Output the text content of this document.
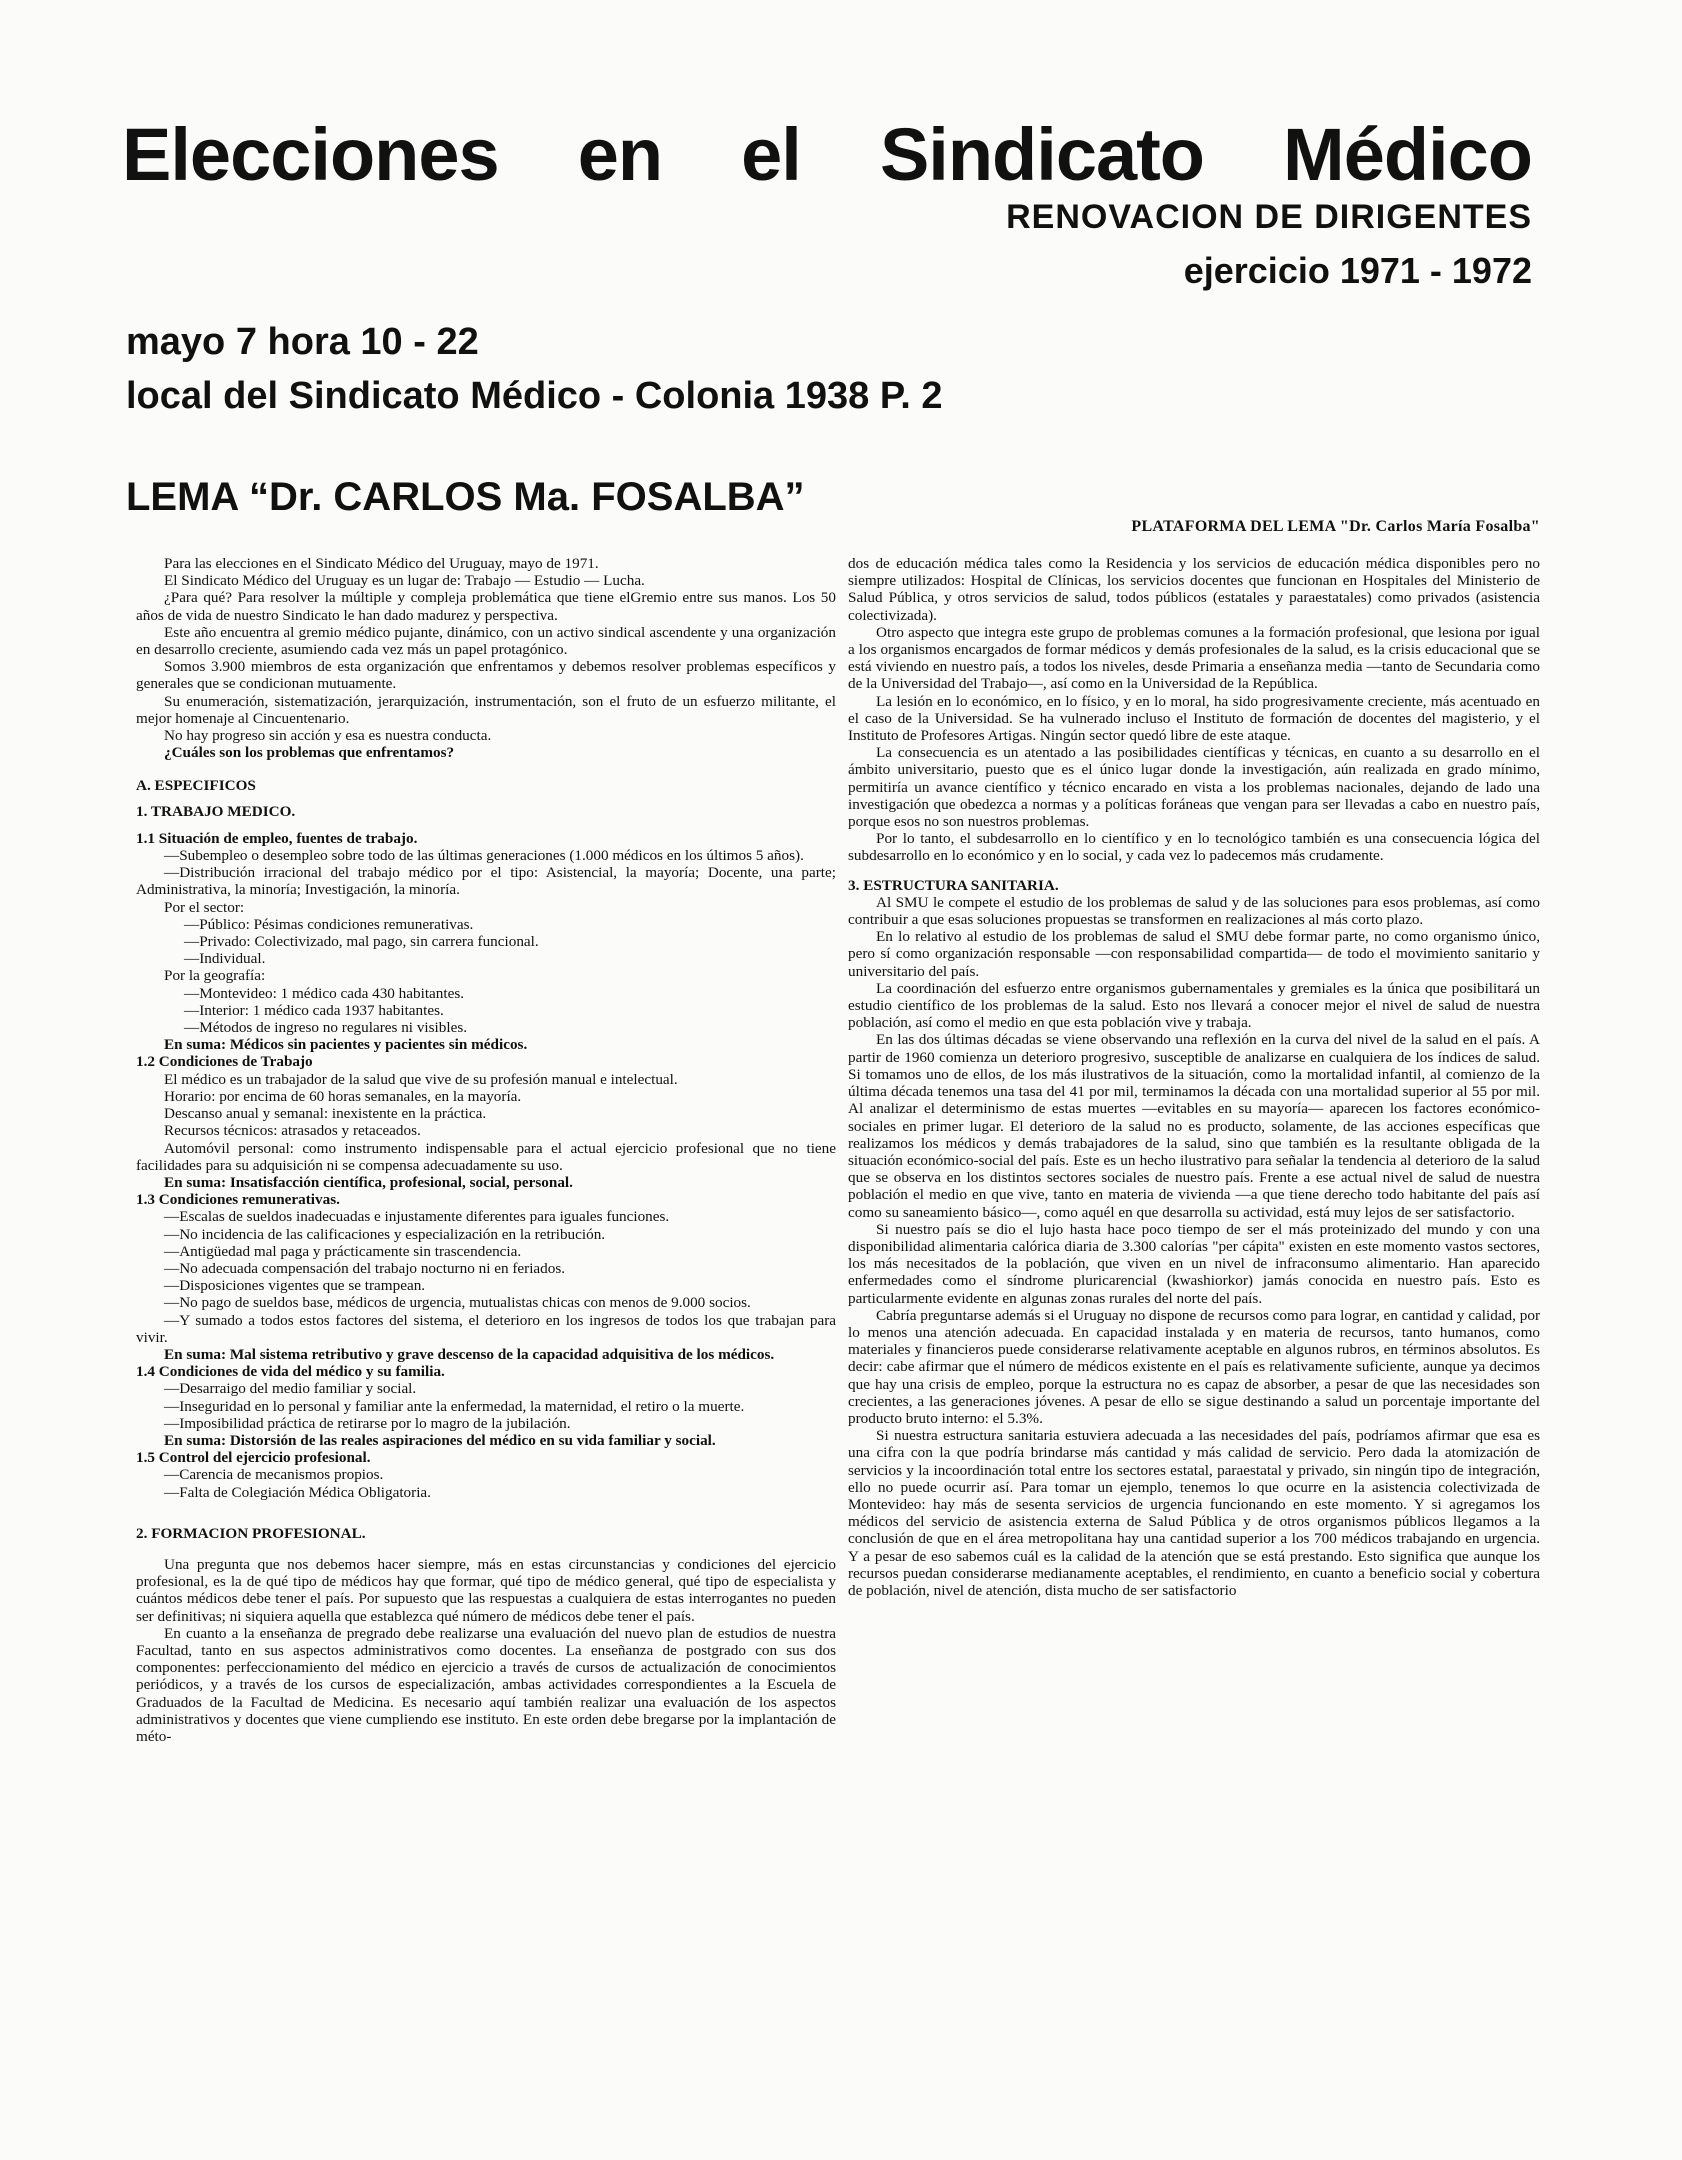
Elecciones en el Sindicato Médico
RENOVACION DE DIRIGENTES
ejercicio 1971 - 1972
mayo 7 hora 10 - 22
local del Sindicato Médico - Colonia 1938 P. 2
LEMA “Dr. CARLOS Ma. FOSALBA”
PLATAFORMA DEL LEMA "Dr. Carlos María Fosalba"

Para las elecciones en el Sindicato Médico del Uruguay, mayo de 1971.

El Sindicato Médico del Uruguay es un lugar de: Trabajo — Estudio — Lucha.

¿Para qué? Para resolver la múltiple y compleja problemática que tiene elGremio entre sus manos. Los 50 años de vida de nuestro Sindicato le han dado madurez y perspectiva.

Este año encuentra al gremio médico pujante, dinámico, con un activo sindical ascendente y una organización en desarrollo creciente, asumiendo cada vez más un papel protagónico.

Somos 3.900 miembros de esta organización que enfrentamos y debemos resolver problemas específicos y generales que se condicionan mutuamente.

Su enumeración, sistematización, jerarquización, instrumentación, son el fruto de un esfuerzo militante, el mejor homenaje al Cincuentenario.

No hay progreso sin acción y esa es nuestra conducta.

¿Cuáles son los problemas que enfrentamos?

A. ESPECIFICOS

1. TRABAJO MEDICO.

1.1 Situación de empleo, fuentes de trabajo.

—Subempleo o desempleo sobre todo de las últimas generaciones (1.000 médicos en los últimos 5 años).

—Distribución irracional del trabajo médico por el tipo: Asistencial, la mayoría; Docente, una parte; Administrativa, la minoría; Investigación, la minoría.

Por el sector:

—Público: Pésimas condiciones remunerativas.

—Privado: Colectivizado, mal pago, sin carrera funcional.

—Individual.

Por la geografía:

—Montevideo: 1 médico cada 430 habitantes.

—Interior: 1 médico cada 1937 habitantes.

—Métodos de ingreso no regulares ni visibles.

En suma: Médicos sin pacientes y pacientes sin médicos.

1.2 Condiciones de Trabajo

El médico es un trabajador de la salud que vive de su profesión manual e intelectual.

Horario: por encima de 60 horas semanales, en la mayoría.

Descanso anual y semanal: inexistente en la práctica.

Recursos técnicos: atrasados y retaceados.

Automóvil personal: como instrumento indispensable para el actual ejercicio profesional que no tiene facilidades para su adquisición ni se compensa adecuadamente su uso.

En suma: Insatisfacción científica, profesional, social, personal.

1.3 Condiciones remunerativas.

—Escalas de sueldos inadecuadas e injustamente diferentes para iguales funciones.

—No incidencia de las calificaciones y especialización en la retribución.

—Antigüedad mal paga y prácticamente sin trascendencia.

—No adecuada compensación del trabajo nocturno ni en feriados.

—Disposiciones vigentes que se trampean.

—No pago de sueldos base, médicos de urgencia, mutualistas chicas con menos de 9.000 socios.

—Y sumado a todos estos factores del sistema, el deterioro en los ingresos de todos los que trabajan para vivir.

En suma: Mal sistema retributivo y grave descenso de la capacidad adquisitiva de los médicos.

1.4 Condiciones de vida del médico y su familia.

—Desarraigo del medio familiar y social.

—Inseguridad en lo personal y familiar ante la enfermedad, la maternidad, el retiro o la muerte.

—Imposibilidad práctica de retirarse por lo magro de la jubilación.

En suma: Distorsión de las reales aspiraciones del médico en su vida familiar y social.

1.5 Control del ejercicio profesional.

—Carencia de mecanismos propios.

—Falta de Colegiación Médica Obligatoria.

2. FORMACION PROFESIONAL.

Una pregunta que nos debemos hacer siempre, más en estas circunstancias y condiciones del ejercicio profesional, es la de qué tipo de médicos hay que formar, qué tipo de médico general, qué tipo de especialista y cuántos médicos debe tener el país. Por supuesto que las respuestas a cualquiera de estas interrogantes no pueden ser definitivas; ni siquiera aquella que establezca qué número de médicos debe tener el país.

En cuanto a la enseñanza de pregrado debe realizarse una evaluación del nuevo plan de estudios de nuestra Facultad, tanto en sus aspectos administrativos como docentes. La enseñanza de postgrado con sus dos componentes: perfeccionamiento del médico en ejercicio a través de cursos de actualización de conocimientos periódicos, y a través de los cursos de especialización, ambas actividades correspondientes a la Escuela de Graduados de la Facultad de Medicina. Es necesario aquí también realizar una evaluación de los aspectos administrativos y docentes que viene cumpliendo ese instituto. En este orden debe bregarse por la implantación de méto-

dos de educación médica tales como la Residencia y los servicios de educación médica disponibles pero no siempre utilizados: Hospital de Clínicas, los servicios docentes que funcionan en Hospitales del Ministerio de Salud Pública, y otros servicios de salud, todos públicos (estatales y paraestatales) como privados (asistencia colectivizada).

Otro aspecto que integra este grupo de problemas comunes a la formación profesional, que lesiona por igual a los organismos encargados de formar médicos y demás profesionales de la salud, es la crisis educacional que se está viviendo en nuestro país, a todos los niveles, desde Primaria a enseñanza media —tanto de Secundaria como de la Universidad del Trabajo—, así como en la Universidad de la República.

La lesión en lo económico, en lo físico, y en lo moral, ha sido progresivamente creciente, más acentuado en el caso de la Universidad. Se ha vulnerado incluso el Instituto de formación de docentes del magisterio, y el Instituto de Profesores Artigas. Ningún sector quedó libre de este ataque.

La consecuencia es un atentado a las posibilidades científicas y técnicas, en cuanto a su desarrollo en el ámbito universitario, puesto que es el único lugar donde la investigación, aún realizada en grado mínimo, permitiría un avance científico y técnico encarado en vista a los problemas nacionales, dejando de lado una investigación que obedezca a normas y a políticas foráneas que vengan para ser llevadas a cabo en nuestro país, porque esos no son nuestros problemas.

Por lo tanto, el subdesarrollo en lo científico y en lo tecnológico también es una consecuencia lógica del subdesarrollo en lo económico y en lo social, y cada vez lo padecemos más crudamente.

3. ESTRUCTURA SANITARIA.

Al SMU le compete el estudio de los problemas de salud y de las soluciones para esos problemas, así como contribuir a que esas soluciones propuestas se transformen en realizaciones al más corto plazo.

En lo relativo al estudio de los problemas de salud el SMU debe formar parte, no como organismo único, pero sí como organización responsable —con responsabilidad compartida— de todo el movimiento sanitario y universitario del país.

La coordinación del esfuerzo entre organismos gubernamentales y gremiales es la única que posibilitará un estudio científico de los problemas de la salud. Esto nos llevará a conocer mejor el nivel de salud de nuestra población, así como el medio en que esta población vive y trabaja.

En las dos últimas décadas se viene observando una reflexión en la curva del nivel de la salud en el país. A partir de 1960 comienza un deterioro progresivo, susceptible de analizarse en cualquiera de los índices de salud. Si tomamos uno de ellos, de los más ilustrativos de la situación, como la mortalidad infantil, al comienzo de la última década tenemos una tasa del 41 por mil, terminamos la década con una mortalidad superior al 55 por mil. Al analizar el determinismo de estas muertes —evitables en su mayoría— aparecen los factores económico-sociales en primer lugar. El deterioro de la salud no es producto, solamente, de las acciones específicas que realizamos los médicos y demás trabajadores de la salud, sino que también es la resultante obligada de la situación económico-social del país. Este es un hecho ilustrativo para señalar la tendencia al deterioro de la salud que se observa en los distintos sectores sociales de nuestro país. Frente a ese actual nivel de salud de nuestra población el medio en que vive, tanto en materia de vivienda —a que tiene derecho todo habitante del país así como su saneamiento básico—, como aquél en que desarrolla su actividad, está muy lejos de ser satisfactorio.

Si nuestro país se dio el lujo hasta hace poco tiempo de ser el más proteinizado del mundo y con una disponibilidad alimentaria calórica diaria de 3.300 calorías "per cápita" existen en este momento vastos sectores, los más necesitados de la población, que viven en un nivel de infraconsumo alimentario. Han aparecido enfermedades como el síndrome pluricarencial (kwashiorkor) jamás conocida en nuestro país. Esto es particularmente evidente en algunas zonas rurales del norte del país.

Cabría preguntarse además si el Uruguay no dispone de recursos como para lograr, en cantidad y calidad, por lo menos una atención adecuada. En capacidad instalada y en materia de recursos, tanto humanos, como materiales y financieros puede considerarse relativamente aceptable en algunos rubros, en términos absolutos. Es decir: cabe afirmar que el número de médicos existente en el país es relativamente suficiente, aunque ya decimos que hay una crisis de empleo, porque la estructura no es capaz de absorber, a pesar de que las necesidades son crecientes, a las generaciones jóvenes. A pesar de ello se sigue destinando a salud un porcentaje importante del producto bruto interno: el 5.3%.

Si nuestra estructura sanitaria estuviera adecuada a las necesidades del país, podríamos afirmar que esa es una cifra con la que podría brindarse más cantidad y más calidad de servicio. Pero dada la atomización de servicios y la incoordinación total entre los sectores estatal, paraestatal y privado, sin ningún tipo de integración, ello no puede ocurrir así. Para tomar un ejemplo, tenemos lo que ocurre en la asistencia colectivizada de Montevideo: hay más de sesenta servicios de urgencia funcionando en este momento. Y si agregamos los médicos del servicio de asistencia externa de Salud Pública y de otros organismos públicos llegamos a la conclusión de que en el área metropolitana hay una cantidad superior a los 700 médicos trabajando en urgencia. Y a pesar de eso sabemos cuál es la calidad de la atención que se está prestando. Esto significa que aunque los recursos puedan considerarse medianamente aceptables, el rendimiento, en cuanto a beneficio social y cobertura de población, nivel de atención, dista mucho de ser satisfactorio
